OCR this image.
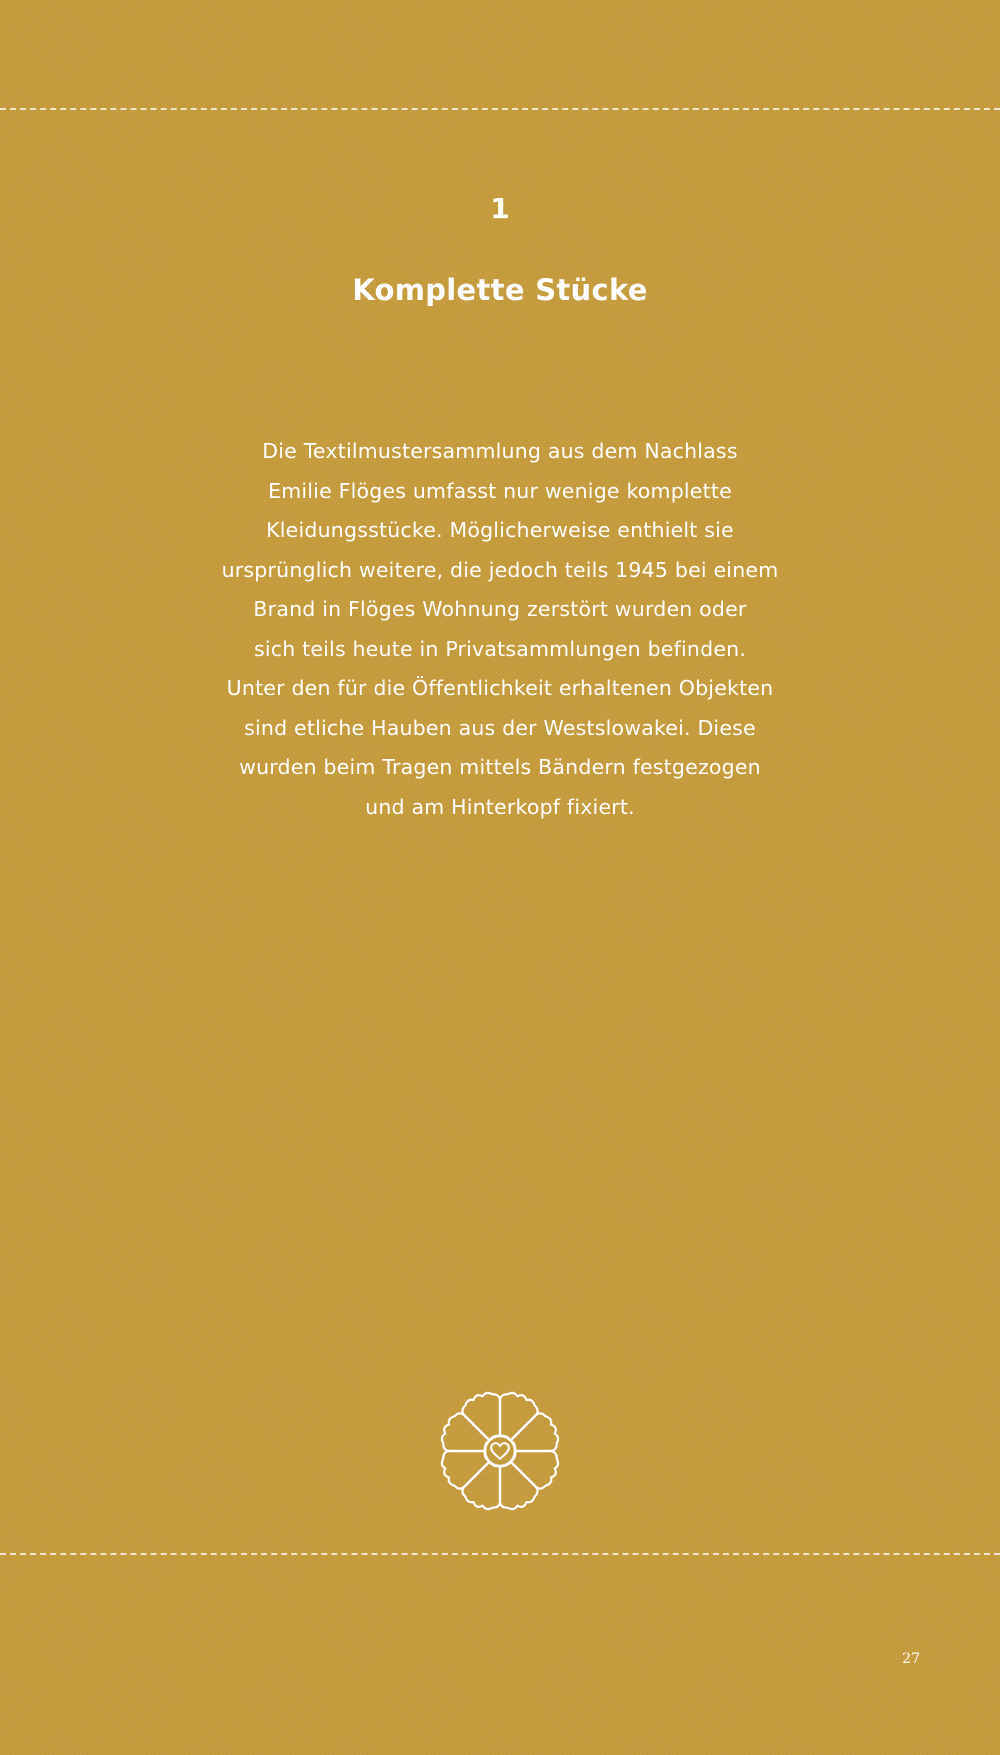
1
Komplette Stücke
Die Textilmustersammlung aus dem Nachlass
Emilie Flöges umfasst nur wenige komplette
Kleidungsstücke. Möglicherweise enthielt sie
ursprünglich weitere, die jedoch teils 1945 bei einem
Brand in Flöges Wohnung zerstört wurden oder
sich teils heute in Privatsammlungen befinden.
Unter den für die Öffentlichkeit erhaltenen Objekten
sind etliche Hauben aus der Westslowakei. Diese
wurden beim Tragen mittels Bändern festgezogen
und am Hinterkopf fixiert.
27
